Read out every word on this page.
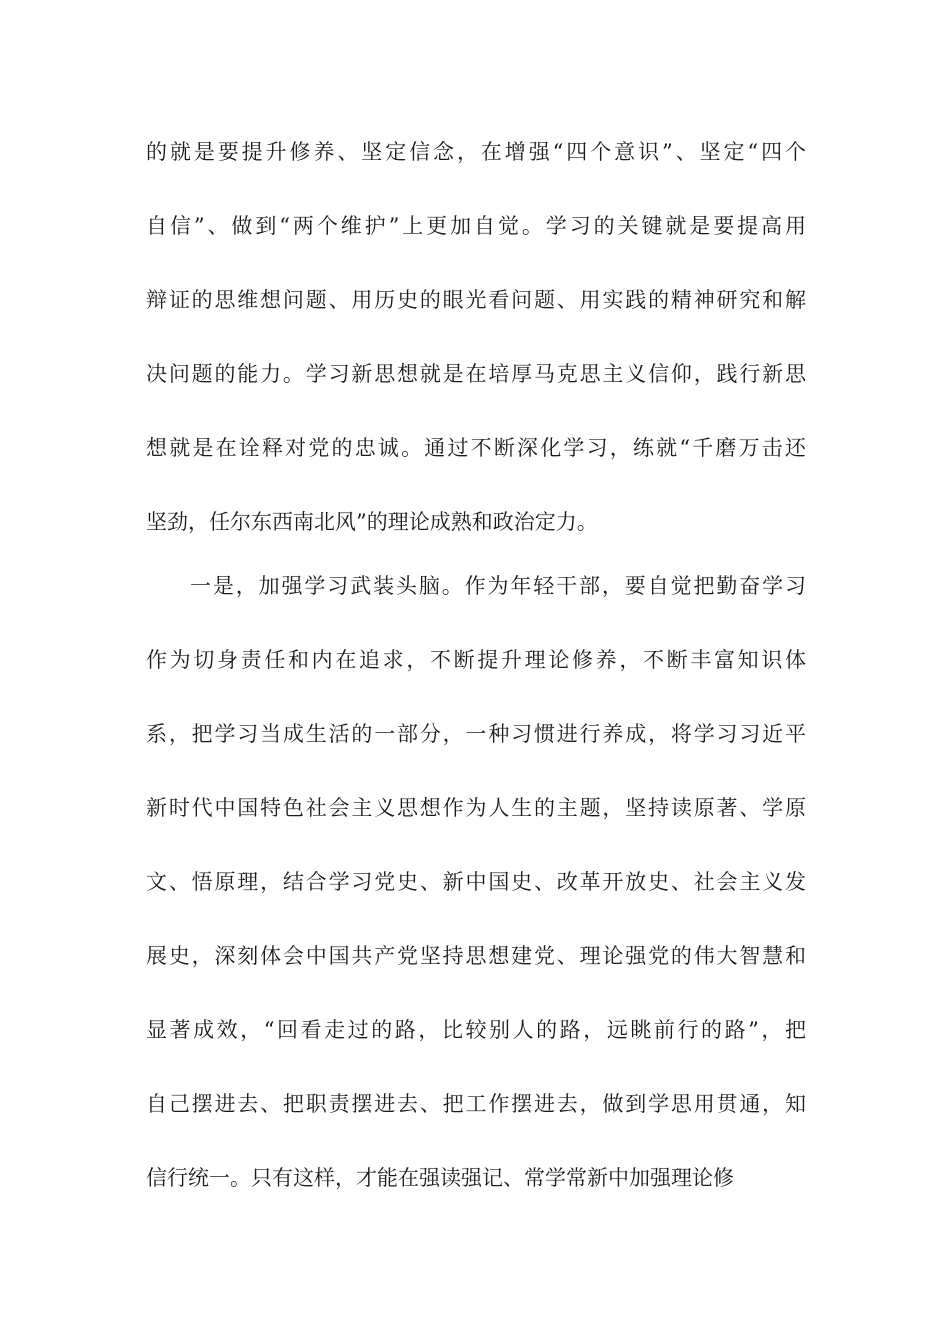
的就是要提升修养、坚定信念，在增强“四个意识”、坚定“四个
自信”、做到“两个维护”上更加自觉。学习的关键就是要提高用
辩证的思维想问题、用历史的眼光看问题、用实践的精神研究和解
决问题的能力。学习新思想就是在培厚马克思主义信仰，践行新思
想就是在诠释对党的忠诚。通过不断深化学习，练就“千磨万击还
坚劲，任尔东西南北风”的理论成熟和政治定力。
一是，加强学习武装头脑。作为年轻干部，要自觉把勤奋学习
作为切身责任和内在追求，不断提升理论修养，不断丰富知识体
系，把学习当成生活的一部分，一种习惯进行养成，将学习习近平
新时代中国特色社会主义思想作为人生的主题，坚持读原著、学原
文、悟原理，结合学习党史、新中国史、改革开放史、社会主义发
展史，深刻体会中国共产党坚持思想建党、理论强党的伟大智慧和
显著成效，“回看走过的路，比较别人的路，远眺前行的路”，把
自己摆进去、把职责摆进去、把工作摆进去，做到学思用贯通，知
信行统一。只有这样，才能在强读强记、常学常新中加强理论修
